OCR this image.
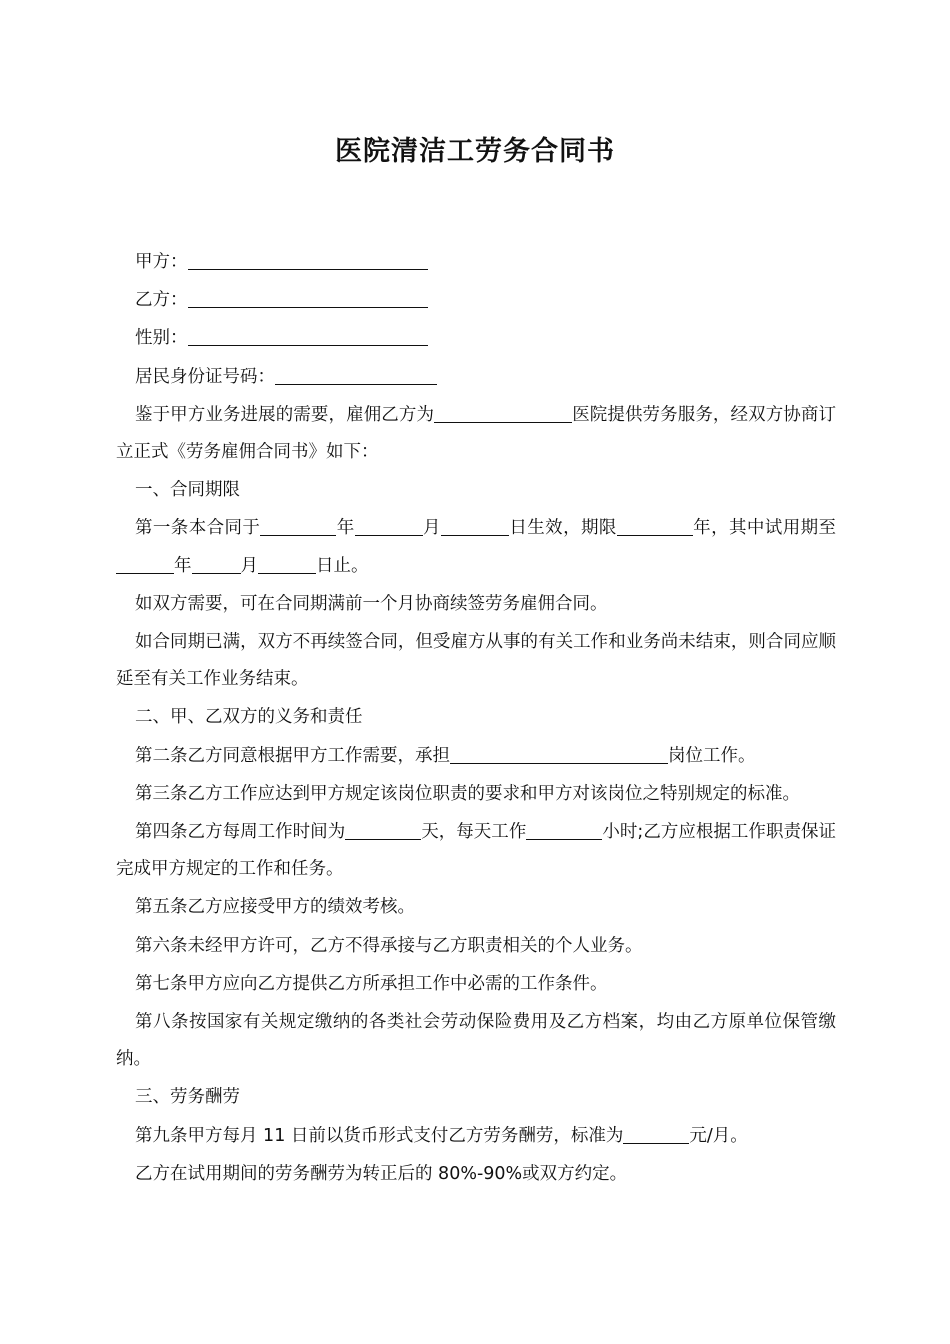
医院清洁工劳务合同书

甲方：

乙方：

性别：

居民身份证号码：

鉴于甲方业务进展的需要，雇佣乙方为	医院提供劳务服务，经双方协商订立正式《劳务雇佣合同书》如下：

一、合同期限

第一条本合同于	年	月	日生效，期限	年，其中试用期至年	月	日止。

如双方需要，可在合同期满前一个月协商续签劳务雇佣合同。

如合同期已满，双方不再续签合同，但受雇方从事的有关工作和业务尚未结束，则合同应顺延至有关工作业务结束。

二、甲、乙双方的义务和责任

第二条乙方同意根据甲方工作需要，承担	岗位工作。

第三条乙方工作应达到甲方规定该岗位职责的要求和甲方对该岗位之特别规定的标准。

第四条乙方每周工作时间为	天，每天工作	小时;乙方应根据工作职责保证完成甲方规定的工作和任务。

第五条乙方应接受甲方的绩效考核。

第六条未经甲方许可，乙方不得承接与乙方职责相关的个人业务。

第七条甲方应向乙方提供乙方所承担工作中必需的工作条件。

第八条按国家有关规定缴纳的各类社会劳动保险费用及乙方档案，均由乙方原单位保管缴纳。

三、劳务酬劳

第九条甲方每月 11 日前以货币形式支付乙方劳务酬劳，标准为	元/月。

乙方在试用期间的劳务酬劳为转正后的 80%-90%或双方约定。
